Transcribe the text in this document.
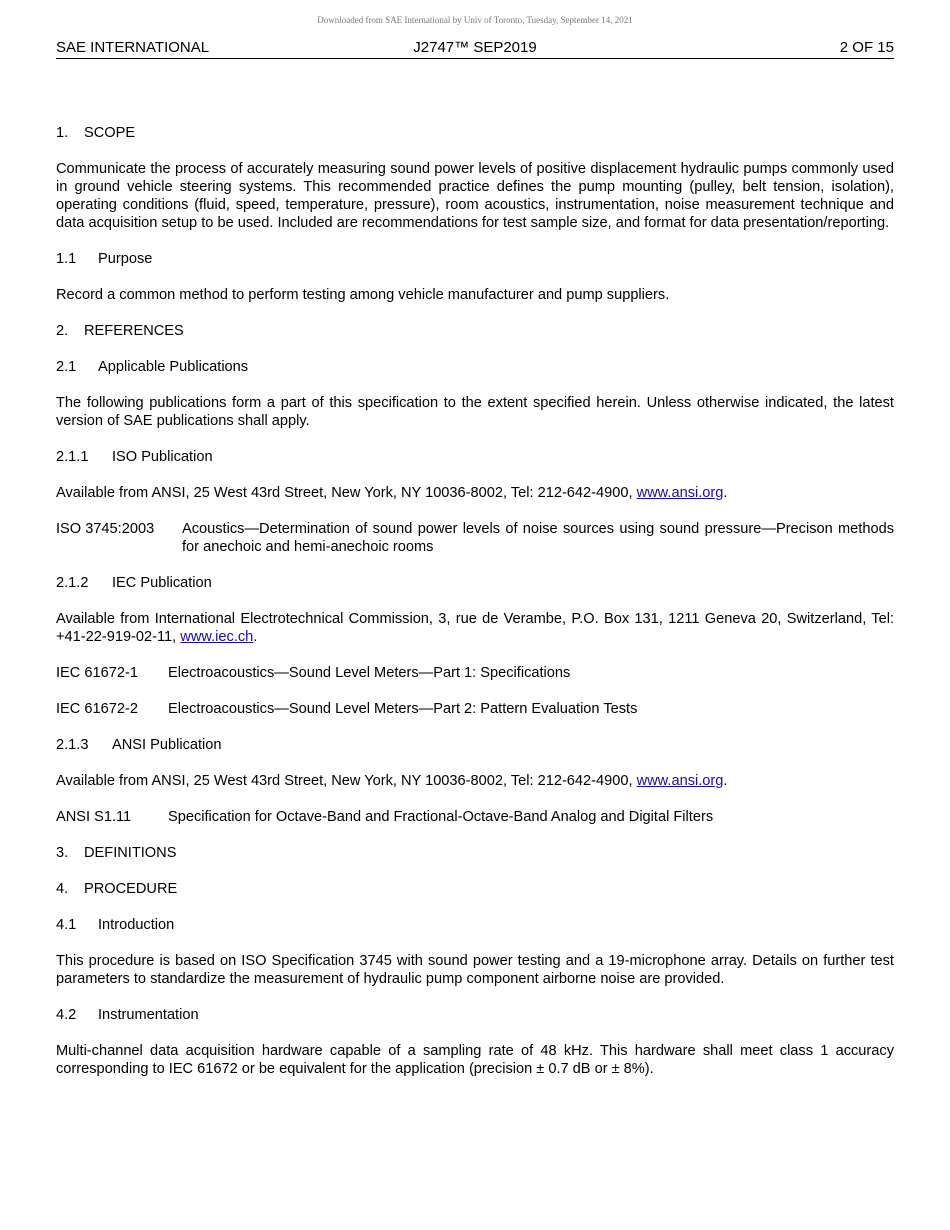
Downloaded from SAE International by Univ of Toronto, Tuesday, September 14, 2021
SAE INTERNATIONAL	J2747™ SEP2019	2 OF 15
1. SCOPE

Communicate the process of accurately measuring sound power levels of positive displacement hydraulic pumps commonly used in ground vehicle steering systems. This recommended practice defines the pump mounting (pulley, belt tension, isolation), operating conditions (fluid, speed, temperature, pressure), room acoustics, instrumentation, noise measurement technique and data acquisition setup to be used. Included are recommendations for test sample size, and format for data presentation/reporting.

1.1 Purpose

Record a common method to perform testing among vehicle manufacturer and pump suppliers.

2. REFERENCES
2.1 Applicable Publications

The following publications form a part of this specification to the extent specified herein. Unless otherwise indicated, the latest version of SAE publications shall apply.

2.1.1 ISO Publication

Available from ANSI, 25 West 43rd Street, New York, NY 10036-8002, Tel: 212-642-4900, www.ansi.org.

ISO 3745:2003	Acoustics—Determination of sound power levels of noise sources using sound pressure—Precison methods for anechoic and hemi-anechoic rooms
2.1.2 IEC Publication

Available from International Electrotechnical Commission, 3, rue de Verambe, P.O. Box 131, 1211 Geneva 20, Switzerland, Tel: +41-22-919-02-11, www.iec.ch.

IEC 61672-1	Electroacoustics—Sound Level Meters—Part 1: Specifications
IEC 61672-2	Electroacoustics—Sound Level Meters—Part 2: Pattern Evaluation Tests
2.1.3 ANSI Publication

Available from ANSI, 25 West 43rd Street, New York, NY 10036-8002, Tel: 212-642-4900, www.ansi.org.

ANSI S1.11	Specification for Octave-Band and Fractional-Octave-Band Analog and Digital Filters
3. DEFINITIONS
4. PROCEDURE
4.1 Introduction

This procedure is based on ISO Specification 3745 with sound power testing and a 19-microphone array. Details on further test parameters to standardize the measurement of hydraulic pump component airborne noise are provided.

4.2 Instrumentation

Multi-channel data acquisition hardware capable of a sampling rate of 48 kHz. This hardware shall meet class 1 accuracy corresponding to IEC 61672 or be equivalent for the application (precision ± 0.7 dB or ± 8%).
